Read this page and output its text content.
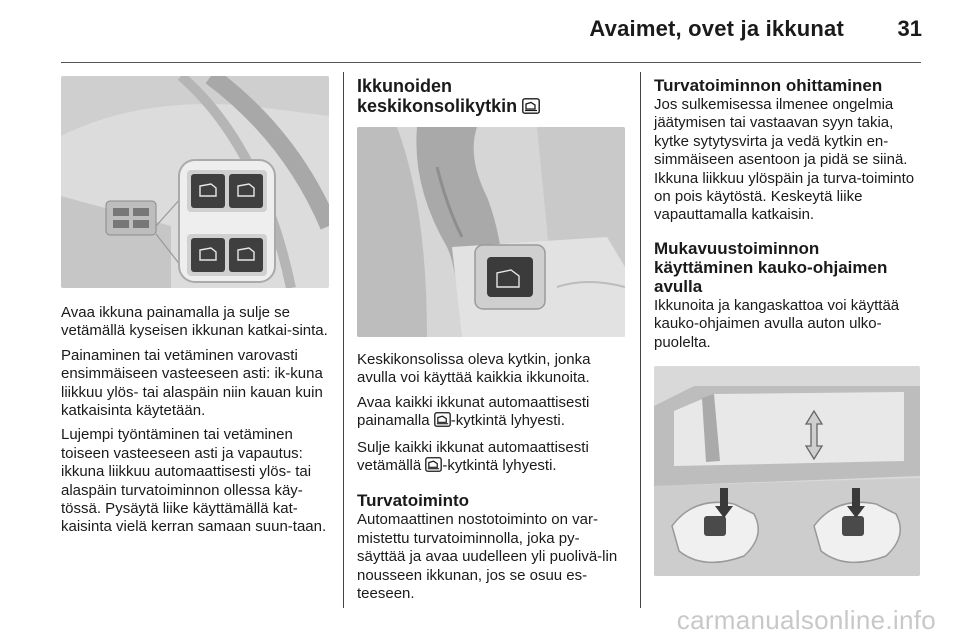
Avaimet, ovet ja ikkunat 31

Avaa ikkuna painamalla ja sulje se vetämällä kyseisen ikkunan katkai-sinta.

Painaminen tai vetäminen varovasti ensimmäiseen vasteeseen asti: ik-kuna liikkuu ylös- tai alaspäin niin kauan kuin katkaisinta käytetään.

Lujempi työntäminen tai vetäminen toiseen vasteeseen asti ja vapautus: ikkuna liikkuu automaattisesti ylös- tai alaspäin turvatoiminnon ollessa käy-tössä. Pysäytä liike käyttämällä kat-kaisinta vielä kerran samaan suun-taan.

Ikkunoiden
keskikonsolikytkin

Keskikonsolissa oleva kytkin, jonka avulla voi käyttää kaikkia ikkunoita.

Avaa kaikki ikkunat automaattisesti painamalla -kytkintä lyhyesti.

Sulje kaikki ikkunat automaattisesti vetämällä -kytkintä lyhyesti.

Turvatoiminto

Automaattinen nostotoiminto on var-mistettu turvatoiminnolla, joka py-säyttää ja avaa uudelleen yli puolivä-lin nousseen ikkunan, jos se osuu es-teeseen.

Turvatoiminnon ohittaminen

Jos sulkemisessa ilmenee ongelmia jäätymisen tai vastaavan syyn takia, kytke sytytysvirta ja vedä kytkin en-simmäiseen asentoon ja pidä se siinä. Ikkuna liikkuu ylöspäin ja turva-toiminto on pois käytöstä. Keskeytä liike vapauttamalla katkaisin.

Mukavuustoiminnon käyttäminen kauko-ohjaimen avulla

Ikkunoita ja kangaskattoa voi käyttää kauko-ohjaimen avulla auton ulko-puolelta.

carmanualsonline.info
